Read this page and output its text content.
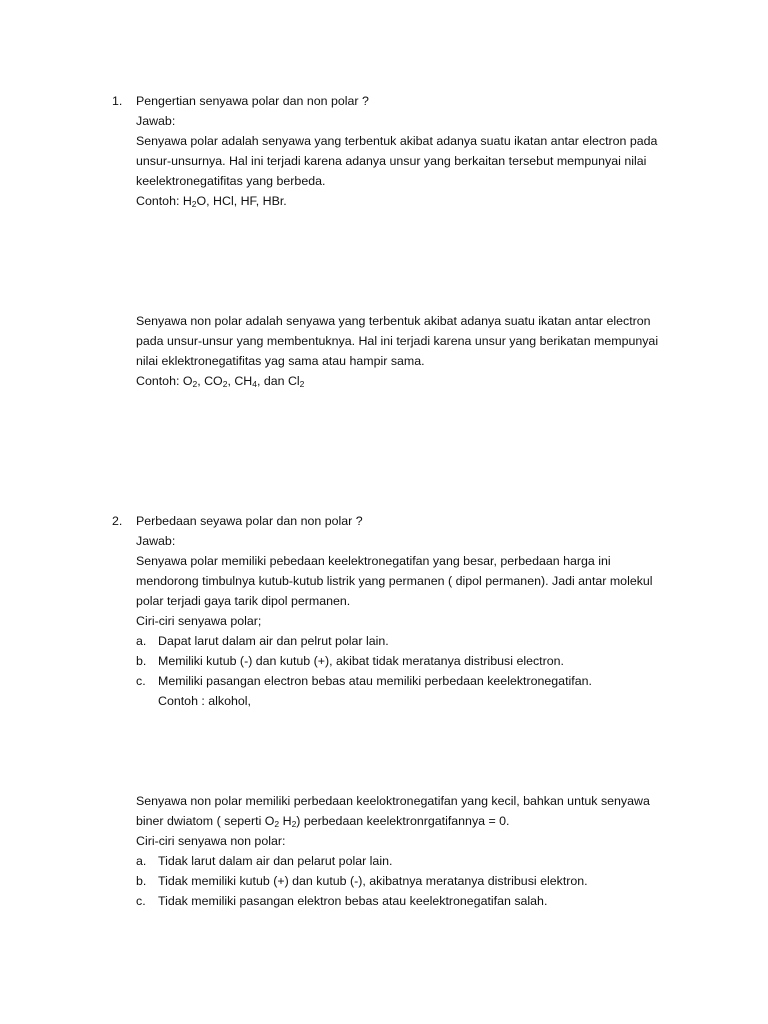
1.	Pengertian senyawa polar dan non polar ?
Jawab:
Senyawa polar adalah senyawa yang terbentuk akibat adanya suatu ikatan antar electron pada
unsur-unsurnya. Hal ini terjadi karena adanya unsur yang berkaitan tersebut mempunyai nilai
keelektronegatifitas yang berbeda.
Contoh: $H_2O$, HCl, HF, HBr.
Senyawa non polar adalah senyawa yang terbentuk akibat adanya suatu ikatan antar electron
pada unsur-unsur yang membentuknya. Hal ini terjadi karena unsur yang berikatan mempunyai
nilai eklektronegatifitas yag sama atau hampir sama.
Contoh: $O_2$, $CO_2$, $CH_4$, dan $Cl_2$
2.	Perbedaan seyawa polar dan non polar ?
Jawab:
Senyawa polar memiliki pebedaan keelektronegatifan yang besar, perbedaan harga ini
mendorong timbulnya kutub-kutub listrik yang permanen ( dipol permanen). Jadi antar molekul
polar terjadi gaya tarik dipol permanen.
Ciri-ciri senyawa polar;
a. Dapat larut dalam air dan pelrut polar lain.
b. Memiliki kutub (-) dan kutub (+), akibat tidak meratanya distribusi electron.
c. Memiliki pasangan electron bebas atau memiliki perbedaan keelektronegatifan.
Contoh : alkohol,
Senyawa non polar memiliki perbedaan keeloktronegatifan yang kecil, bahkan untuk senyawa
biner dwiatom ( seperti $O_2$ $H_2$) perbedaan keelektronrgatifannya = 0.
Ciri-ciri senyawa non polar:
a. Tidak larut dalam air dan pelarut polar lain.
b. Tidak memiliki kutub (+) dan kutub (-), akibatnya meratanya distribusi elektron.
c. Tidak memiliki pasangan elektron bebas atau keelektronegatifan salah.
